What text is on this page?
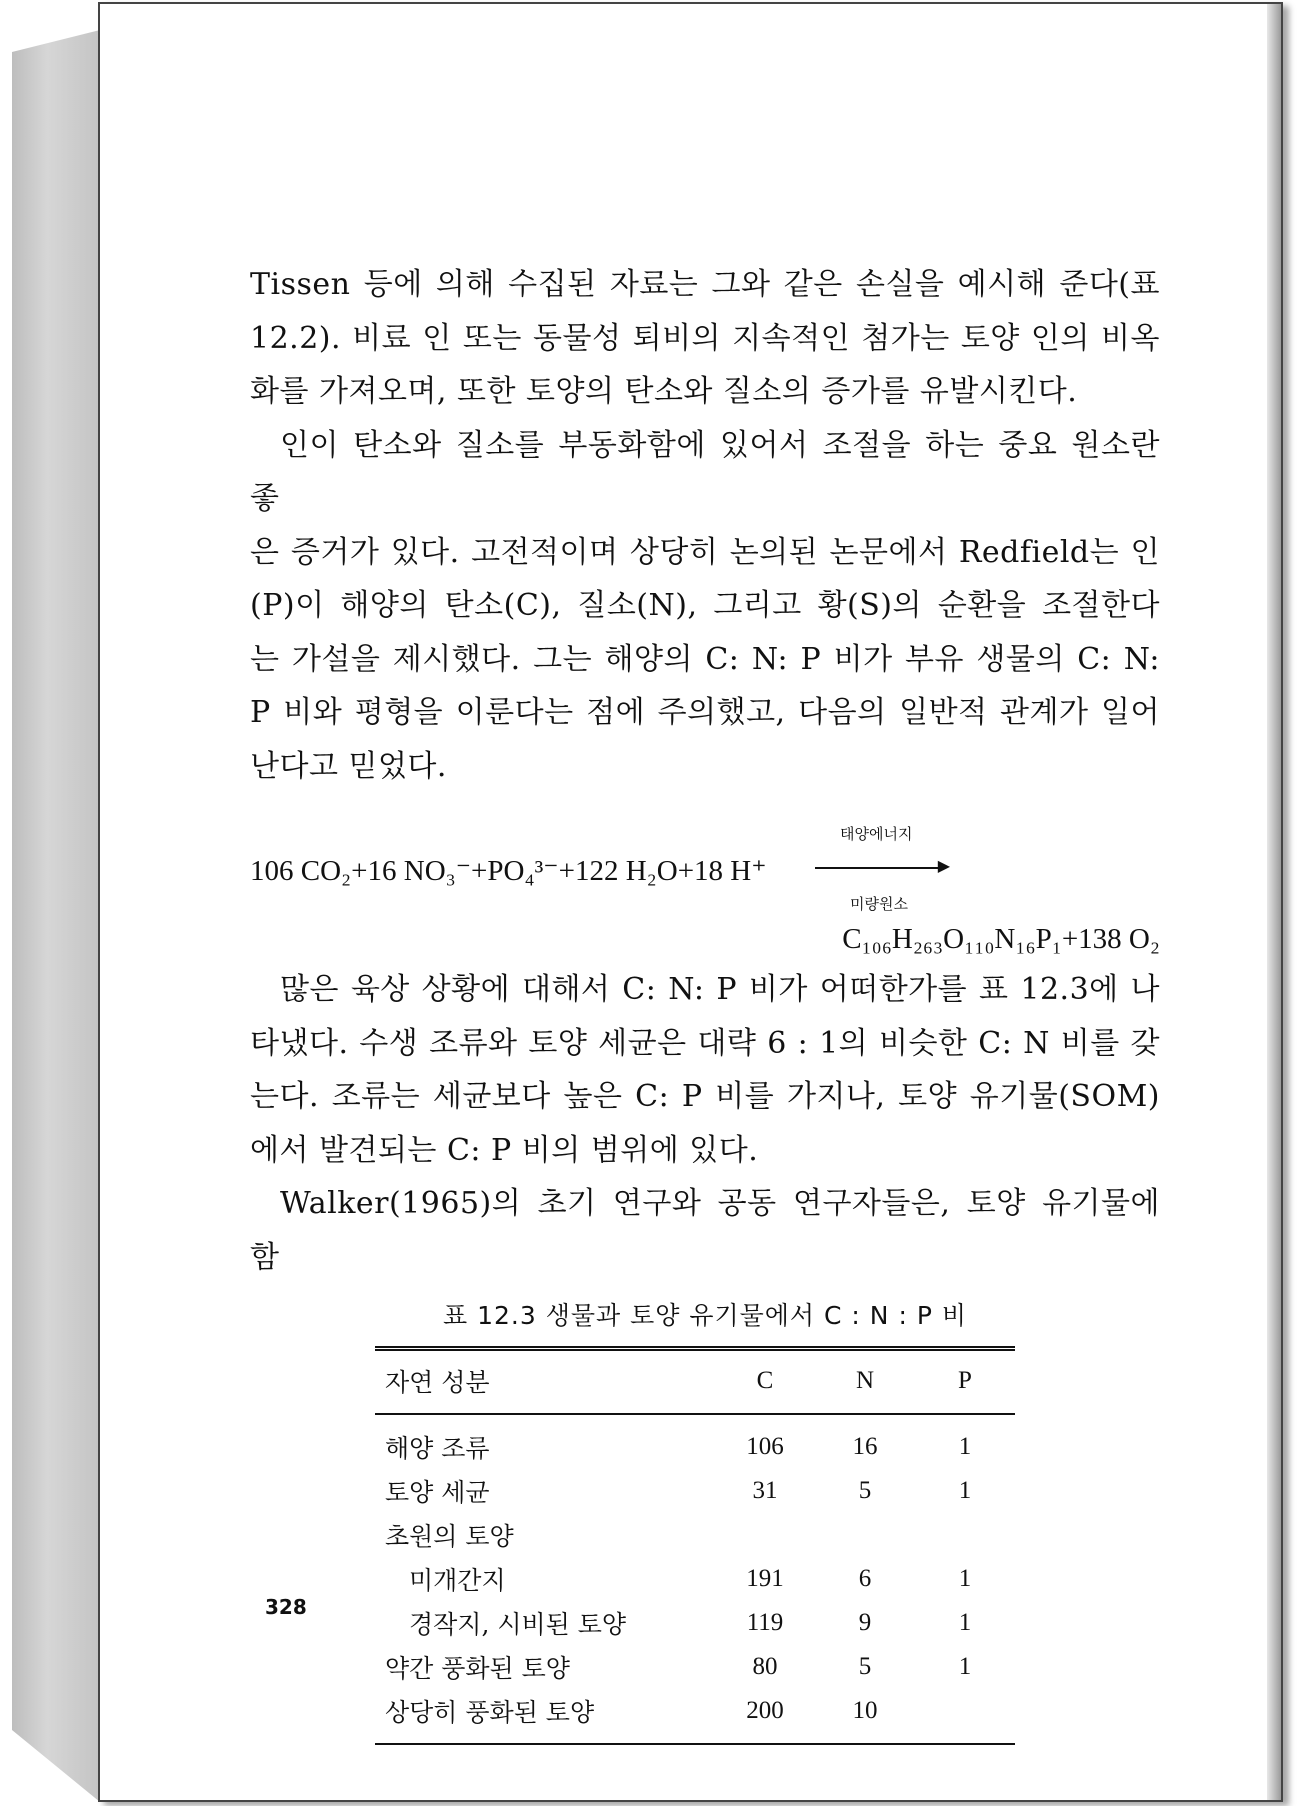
Tissen 등에 의해 수집된 자료는 그와 같은 손실을 예시해 준다(표

12.2). 비료 인 또는 동물성 퇴비의 지속적인 첨가는 토양 인의 비옥

화를 가져오며, 또한 토양의 탄소와 질소의 증가를 유발시킨다.

인이 탄소와 질소를 부동화함에 있어서 조절을 하는 중요 원소란 좋

은 증거가 있다. 고전적이며 상당히 논의된 논문에서 Redfield는 인

(P)이 해양의 탄소(C), 질소(N), 그리고 황(S)의 순환을 조절한다

는 가설을 제시했다. 그는 해양의 C: N: P 비가 부유 생물의 C: N:

P 비와 평형을 이룬다는 점에 주의했고, 다음의 일반적 관계가 일어

난다고 믿었다.

106 CO₂+16 NO₃⁻+PO₄³⁻+122 H₂O+18 H⁺
태양에너지
▶
미량원소
C₁₀₆H₂₆₃O₁₁₀N₁₆P₁+138 O₂

많은 육상 상황에 대해서 C: N: P 비가 어떠한가를 표 12.3에 나

타냈다. 수생 조류와 토양 세균은 대략 6 : 1의 비슷한 C: N 비를 갖

는다. 조류는 세균보다 높은 C: P 비를 가지나, 토양 유기물(SOM)

에서 발견되는 C: P 비의 범위에 있다.

Walker(1965)의 초기 연구와 공동 연구자들은, 토양 유기물에 함

표 12.3 생물과 토양 유기물에서 C : N : P 비
자연 성분	C	N	P
해양 조류	106	16	1
토양 세균	31	5	1
초원의 토양			
미개간지	191	6	1
경작지, 시비된 토양	119	9	1
약간 풍화된 토양	80	5	1
상당히 풍화된 토양	200	10	
328
